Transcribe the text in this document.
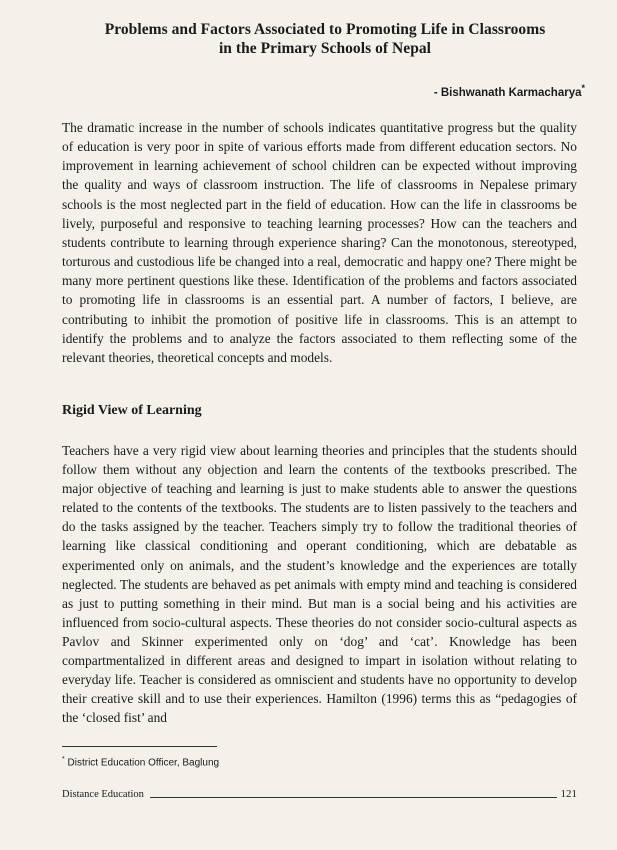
Problems and Factors Associated to Promoting Life in Classrooms
in the Primary Schools of Nepal
- Bishwanath Karmacharya*

The dramatic increase in the number of schools indicates quantitative progress but the quality of education is very poor in spite of various efforts made from different education sectors. No improvement in learning achievement of school children can be expected without improving the quality and ways of classroom instruction. The life of classrooms in Nepalese primary schools is the most neglected part in the field of education. How can the life in classrooms be lively, purposeful and responsive to teaching learning processes? How can the teachers and students contribute to learning through experience sharing? Can the monotonous, stereotyped, torturous and custodious life be changed into a real, democratic and happy one? There might be many more pertinent questions like these. Identification of the problems and factors associated to promoting life in classrooms is an essential part. A number of factors, I believe, are contributing to inhibit the promotion of positive life in classrooms. This is an attempt to identify the problems and to analyze the factors associated to them reflecting some of the relevant theories, theoretical concepts and models.

Rigid View of Learning

Teachers have a very rigid view about learning theories and principles that the students should follow them without any objection and learn the contents of the textbooks prescribed. The major objective of teaching and learning is just to make students able to answer the questions related to the contents of the textbooks. The students are to listen passively to the teachers and do the tasks assigned by the teacher. Teachers simply try to follow the traditional theories of learning like classical conditioning and operant conditioning, which are debatable as experimented only on animals, and the student’s knowledge and the experiences are totally neglected. The students are behaved as pet animals with empty mind and teaching is considered as just to putting something in their mind. But man is a social being and his activities are influenced from socio-cultural aspects. These theories do not consider socio-cultural aspects as Pavlov and Skinner experimented only on ‘dog’ and ‘cat’. Knowledge has been compartmentalized in different areas and designed to impart in isolation without relating to everyday life. Teacher is considered as omniscient and students have no opportunity to develop their creative skill and to use their experiences. Hamilton (1996) terms this as “pedagogies of the ‘closed fist’ and

* District Education Officer, Baglung
Distance Education	121
